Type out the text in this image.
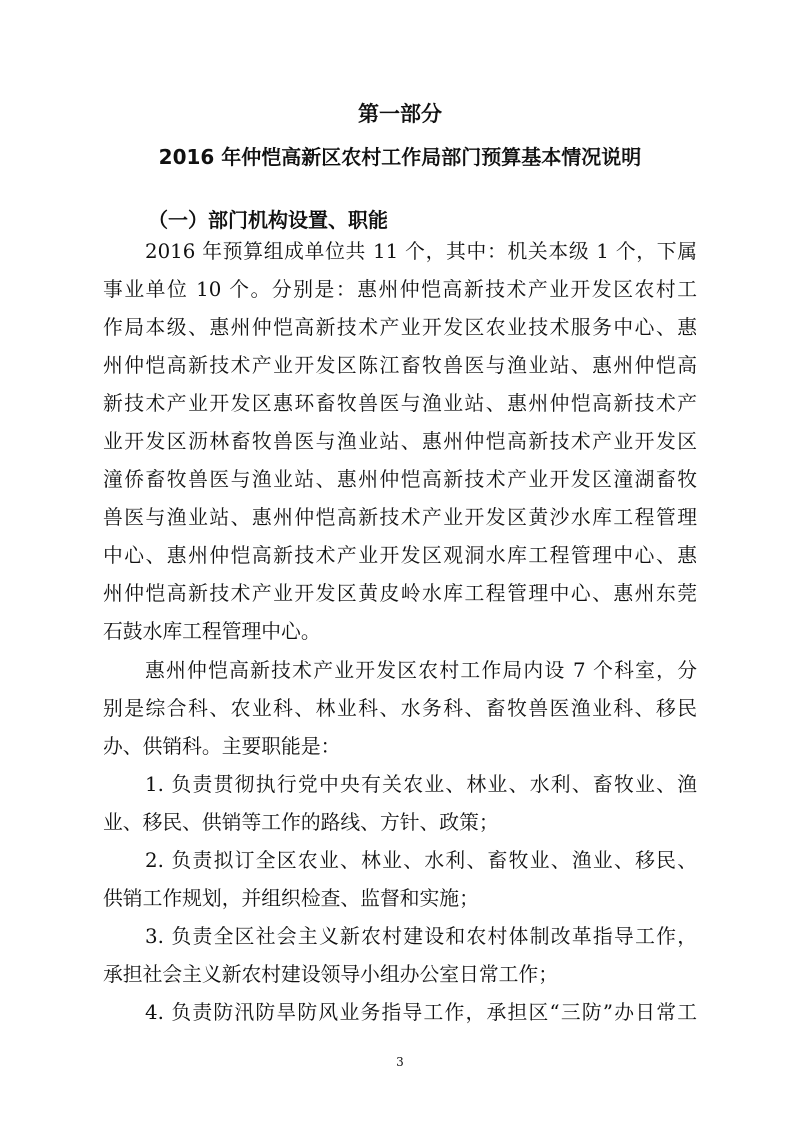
第一部分
2016 年仲恺高新区农村工作局部门预算基本情况说明
（一）部门机构设置、职能
2016 年预算组成单位共 11 个，其中：机关本级 1 个，下属
事业单位 10 个。分别是：惠州仲恺高新技术产业开发区农村工
作局本级、惠州仲恺高新技术产业开发区农业技术服务中心、惠
州仲恺高新技术产业开发区陈江畜牧兽医与渔业站、惠州仲恺高
新技术产业开发区惠环畜牧兽医与渔业站、惠州仲恺高新技术产
业开发区沥林畜牧兽医与渔业站、惠州仲恺高新技术产业开发区
潼侨畜牧兽医与渔业站、惠州仲恺高新技术产业开发区潼湖畜牧
兽医与渔业站、惠州仲恺高新技术产业开发区黄沙水库工程管理
中心、惠州仲恺高新技术产业开发区观洞水库工程管理中心、惠
州仲恺高新技术产业开发区黄皮岭水库工程管理中心、惠州东莞
石鼓水库工程管理中心。
惠州仲恺高新技术产业开发区农村工作局内设 7 个科室，分
别是综合科、农业科、林业科、水务科、畜牧兽医渔业科、移民
办、供销科。主要职能是：
1. 负责贯彻执行党中央有关农业、林业、水利、畜牧业、渔
业、移民、供销等工作的路线、方针、政策；
2. 负责拟订全区农业、林业、水利、畜牧业、渔业、移民、
供销工作规划，并组织检查、监督和实施；
3. 负责全区社会主义新农村建设和农村体制改革指导工作，
承担社会主义新农村建设领导小组办公室日常工作；
4. 负责防汛防旱防风业务指导工作，承担区“三防”办日常工
3
